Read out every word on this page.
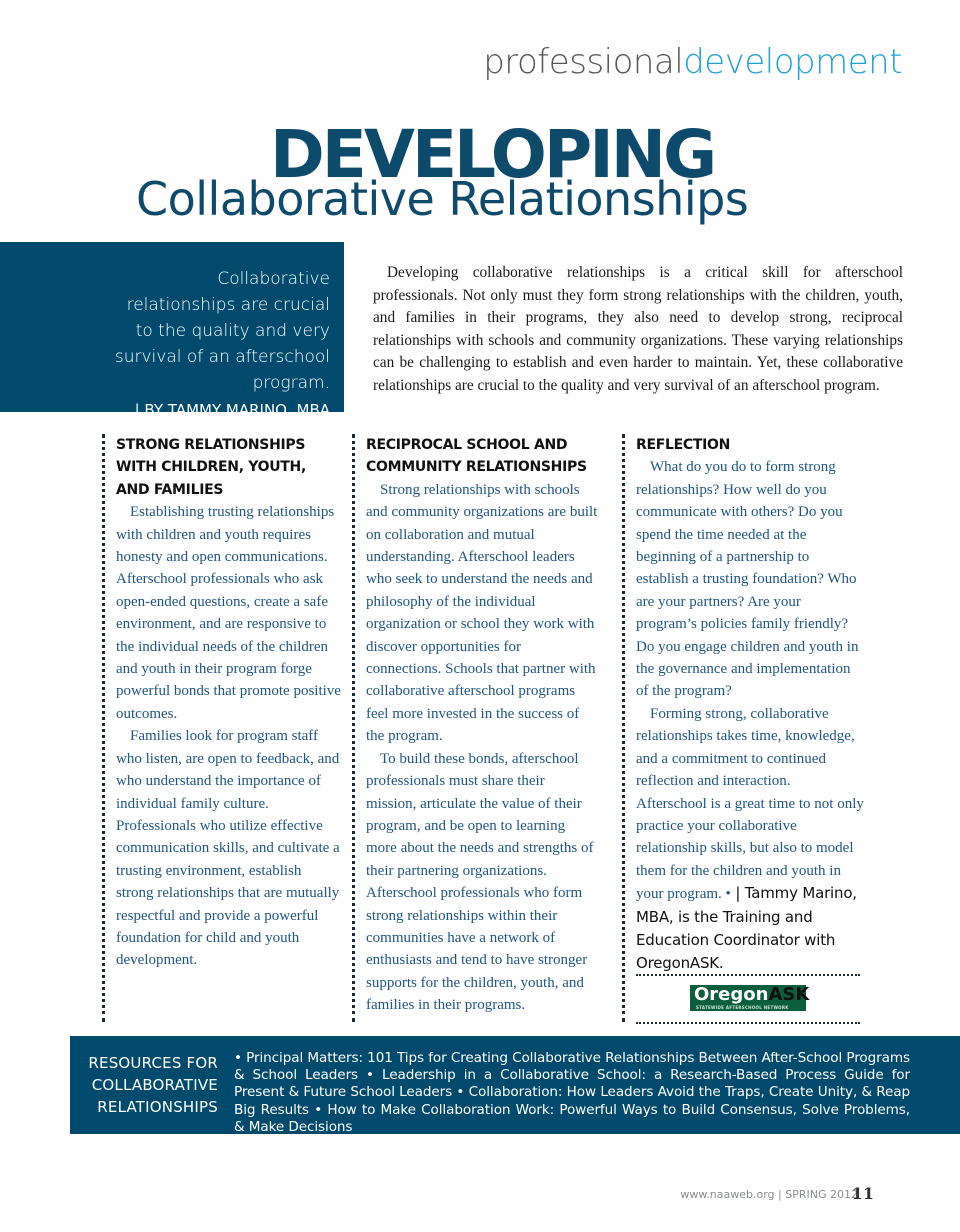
professionaldevelopment
DEVELOPING
Collaborative Relationships

Collaborative relationships are crucial to the quality and very survival of an afterschool program.

| BY TAMMY MARINO, MBA

Developing collaborative relationships is a critical skill for afterschool professionals. Not only must they form strong relationships with the children, youth, and families in their programs, they also need to develop strong, reciprocal relationships with schools and community organizations. These varying relationships can be challenging to establish and even harder to maintain. Yet, these collaborative relationships are crucial to the quality and very survival of an afterschool program.

STRONG RELATIONSHIPS WITH CHILDREN, YOUTH, AND FAMILIES

Establishing trusting relationships with children and youth requires honesty and open communications. Afterschool professionals who ask open-ended questions, create a safe environment, and are responsive to the individual needs of the children and youth in their program forge powerful bonds that promote positive outcomes.

Families look for program staff who listen, are open to feedback, and who understand the importance of individual family culture. Professionals who utilize effective communication skills, and cultivate a trusting environment, establish strong relationships that are mutually respectful and provide a powerful foundation for child and youth development.

RECIPROCAL SCHOOL AND COMMUNITY RELATIONSHIPS

Strong relationships with schools and community organizations are built on collaboration and mutual understanding. Afterschool leaders who seek to understand the needs and philosophy of the individual organization or school they work with discover opportunities for connections. Schools that partner with collaborative afterschool programs feel more invested in the success of the program.

To build these bonds, afterschool professionals must share their mission, articulate the value of their program, and be open to learning more about the needs and strengths of their partnering organizations. Afterschool professionals who form strong relationships within their communities have a network of enthusiasts and tend to have stronger supports for the children, youth, and families in their programs.

REFLECTION

What do you do to form strong relationships? How well do you communicate with others? Do you spend the time needed at the beginning of a partnership to establish a trusting foundation? Who are your partners? Are your program’s policies family friendly? Do you engage children and youth in the governance and implementation of the program?

Forming strong, collaborative relationships takes time, knowledge, and a commitment to continued reflection and interaction. Afterschool is a great time to not only practice your collaborative relationship skills, but also to model them for the children and youth in your program. • | Tammy Marino, MBA, is the Training and Education Coordinator with OregonASK.

OregonASK
STATEWIDE AFTERSCHOOL NETWORK
RESOURCES FOR COLLABORATIVE RELATIONSHIPS
• Principal Matters: 101 Tips for Creating Collaborative Relationships Between After-School Programs & School Leaders • Leadership in a Collaborative School: a Research-Based Process Guide for Present & Future School Leaders • Collaboration: How Leaders Avoid the Traps, Create Unity, & Reap Big Results • How to Make Collaboration Work: Powerful Ways to Build Consensus, Solve Problems, & Make Decisions
www.naaweb.org | SPRING 2012
11
